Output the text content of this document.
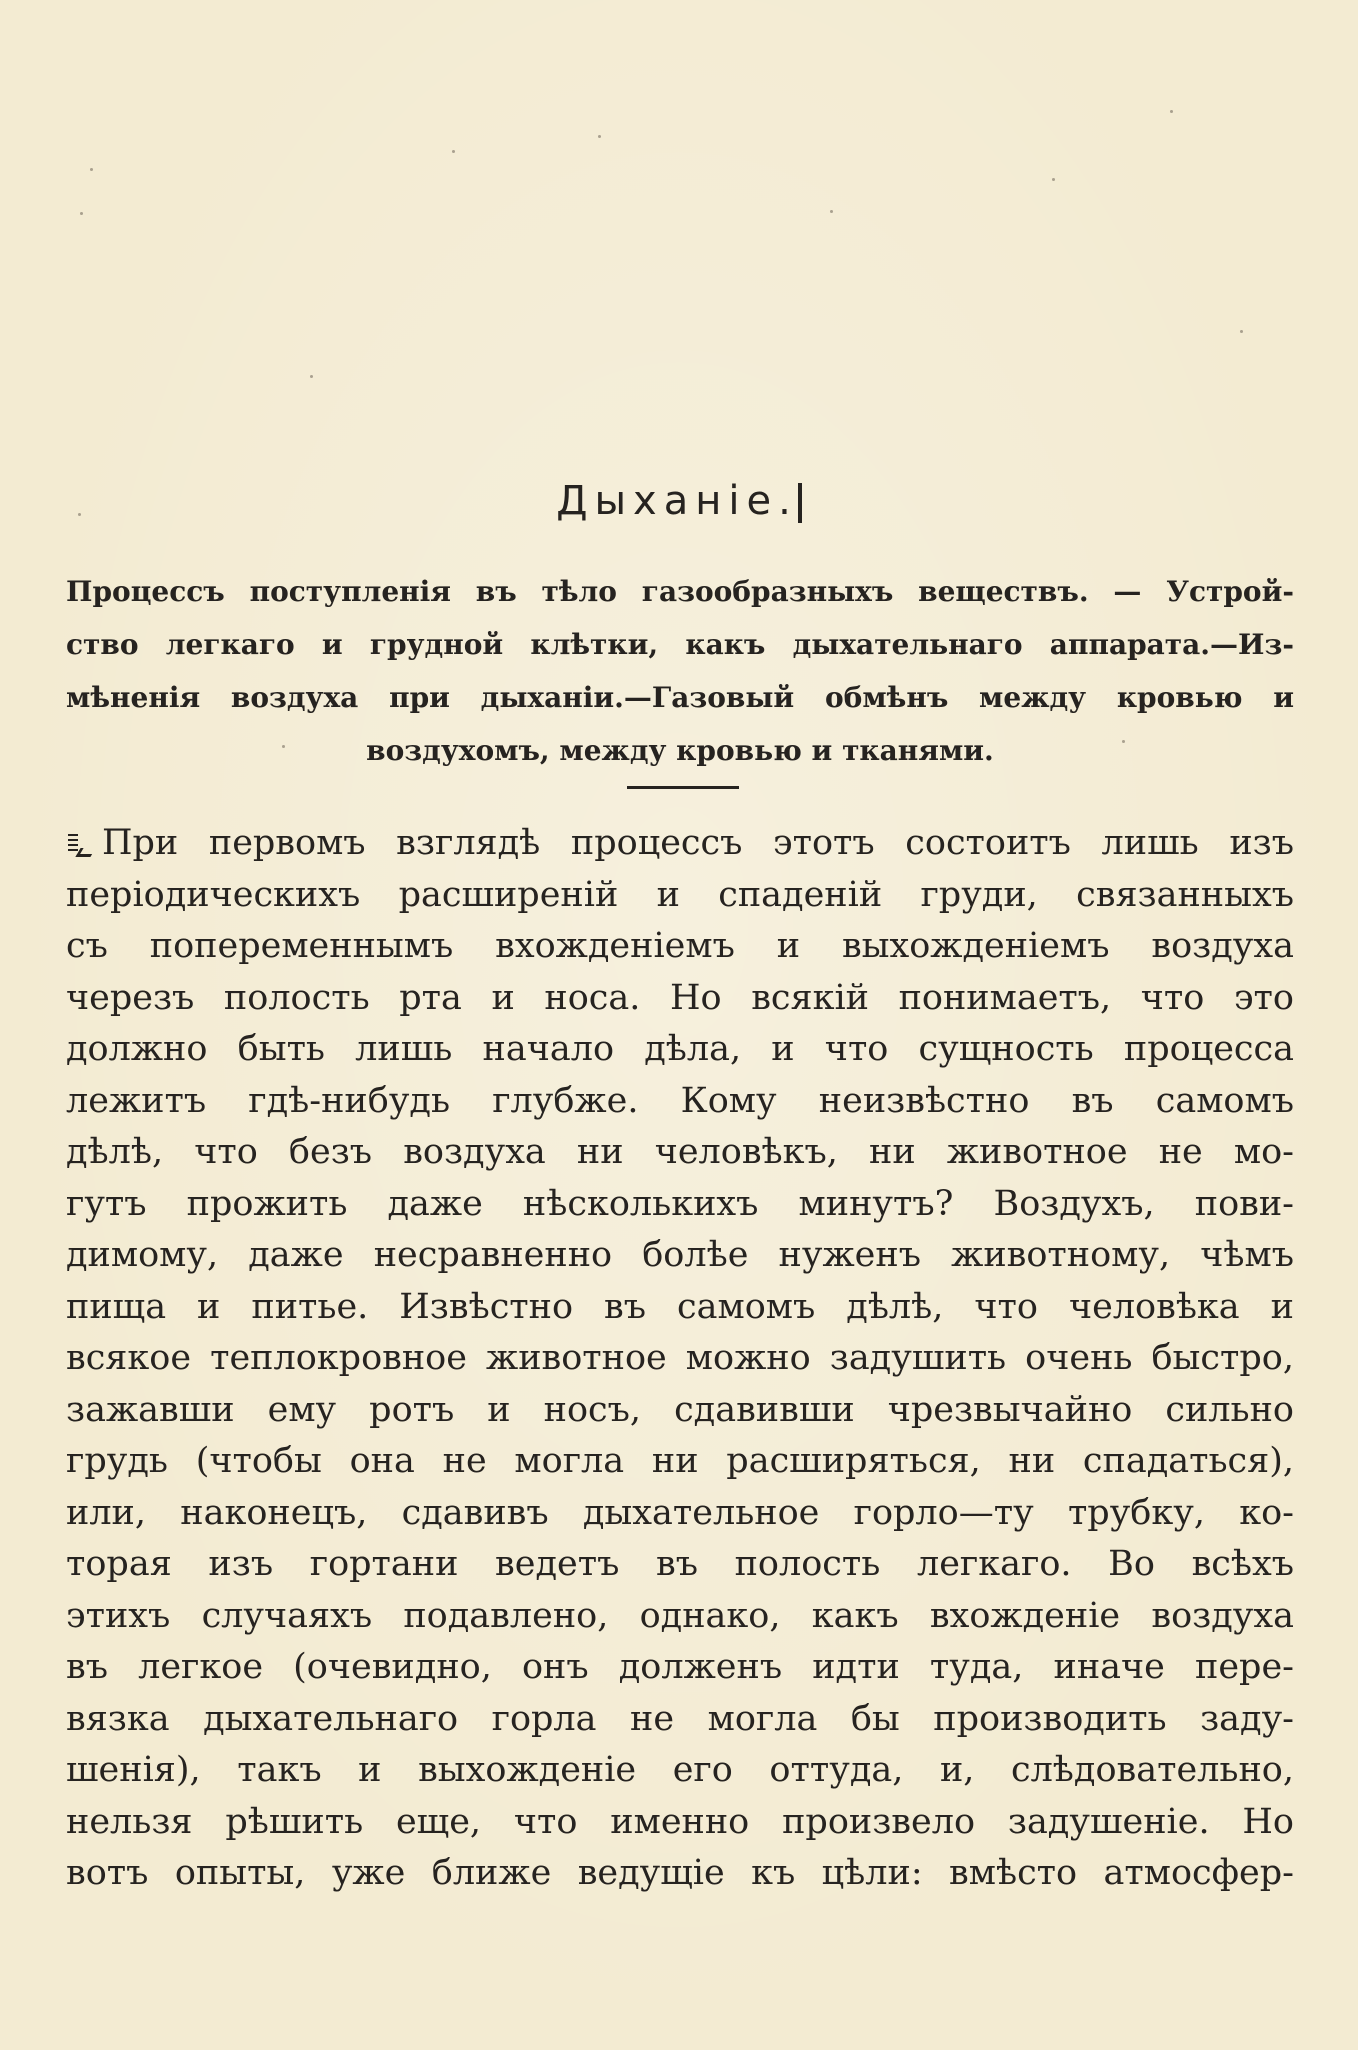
Дыханіе.
Процессъ поступленія въ тѣло газообразныхъ веществъ. — Устрой-
ство легкаго и грудной клѣтки, какъ дыхательнаго аппарата.—Из-
мѣненія воздуха при дыханіи.—Газовый обмѣнъ между кровью и
воздухомъ, между кровью и тканями.
При первомъ взглядѣ процессъ этотъ состоитъ лишь изъ
періодическихъ расширеній и спаденій груди, связанныхъ
съ попеременнымъ вхожденіемъ и выхожденіемъ воздуха
черезъ полость рта и носа. Но всякій понимаетъ, что это
должно быть лишь начало дѣла, и что сущность процесса
лежитъ гдѣ-нибудь глубже. Кому неизвѣстно въ самомъ
дѣлѣ, что безъ воздуха ни человѣкъ, ни животное не мо-
гутъ прожить даже нѣсколькихъ минутъ? Воздухъ, пови-
димому, даже несравненно болѣе нуженъ животному, чѣмъ
пища и питье. Извѣстно въ самомъ дѣлѣ, что человѣка и
всякое теплокровное животное можно задушить очень быстро,
зажавши ему ротъ и носъ, сдавивши чрезвычайно сильно
грудь (чтобы она не могла ни расширяться, ни спадаться),
или, наконецъ, сдавивъ дыхательное горло—ту трубку, ко-
торая изъ гортани ведетъ въ полость легкаго. Во всѣхъ
этихъ случаяхъ подавлено, однако, какъ вхожденіе воздуха
въ легкое (очевидно, онъ долженъ идти туда, иначе пере-
вязка дыхательнаго горла не могла бы производить заду-
шенія), такъ и выхожденіе его оттуда, и, слѣдовательно,
нельзя рѣшить еще, что именно произвело задушеніе. Но
вотъ опыты, уже ближе ведущіе къ цѣли: вмѣсто атмосфер-
